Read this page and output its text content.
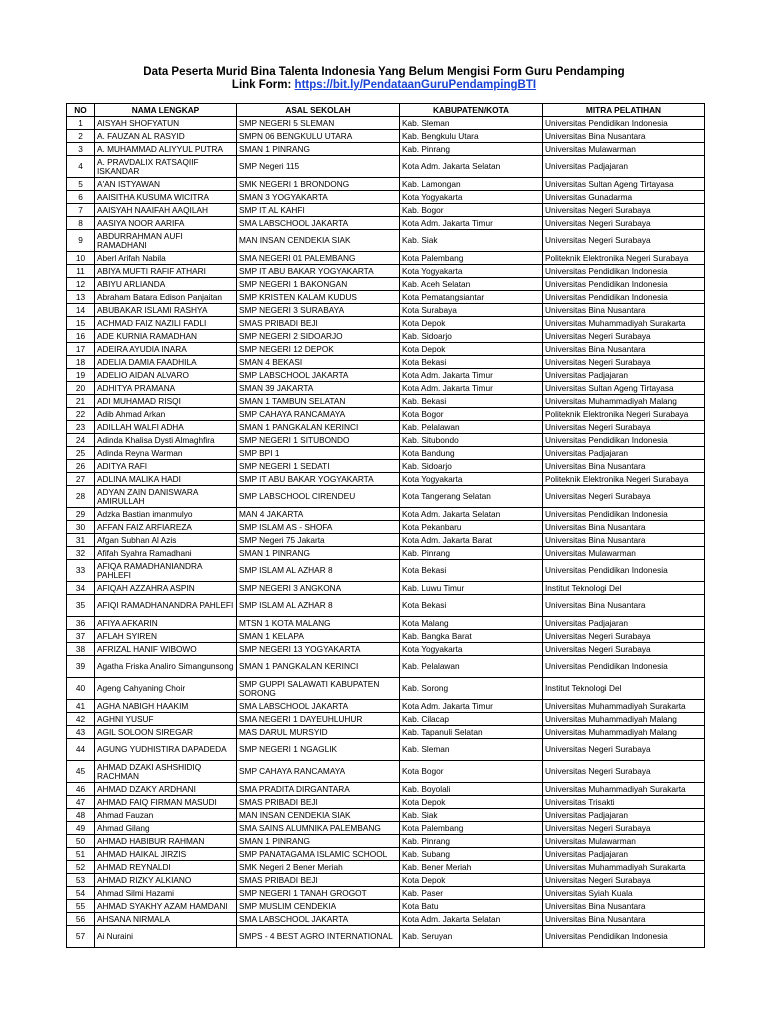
Data Peserta Murid Bina Talenta Indonesia Yang Belum Mengisi Form Guru Pendamping
Link Form: https://bit.ly/PendataanGuruPendampingBTI
NO	NAMA LENGKAP	ASAL SEKOLAH	KABUPATEN/KOTA	MITRA PELATIHAN
1	AISYAH SHOFYATUN	SMP NEGERI 5 SLEMAN	Kab. Sleman	Universitas Pendidikan Indonesia
2	A. FAUZAN AL RASYID	SMPN 06 BENGKULU UTARA	Kab. Bengkulu Utara	Universitas Bina Nusantara
3	A. MUHAMMAD ALIYYUL PUTRA	SMAN 1 PINRANG	Kab. Pinrang	Universitas Mulawarman
4	A. PRAVDALIX RATSAQIIF ISKANDAR	SMP Negeri 115	Kota Adm. Jakarta Selatan	Universitas Padjajaran
5	A'AN ISTYAWAN	SMK NEGERI 1 BRONDONG	Kab. Lamongan	Universitas Sultan Ageng Tirtayasa
6	AAISITHA KUSUMA WICITRA	SMAN 3 YOGYAKARTA	Kota Yogyakarta	Universitas Gunadarma
7	AAISYAH NAAIFAH AAQILAH	SMP IT AL KAHFI	Kab. Bogor	Universitas Negeri Surabaya
8	AASIYA NOOR AARIFA	SMA LABSCHOOL JAKARTA	Kota Adm. Jakarta Timur	Universitas Negeri Surabaya
9	ABDURRAHMAN AUFI RAMADHANI	MAN INSAN CENDEKIA SIAK	Kab. Siak	Universitas Negeri Surabaya
10	Aberl Arifah Nabila	SMA NEGERI 01 PALEMBANG	Kota Palembang	Politeknik Elektronika Negeri Surabaya
11	ABIYA MUFTI RAFIF ATHARI	SMP IT ABU BAKAR YOGYAKARTA	Kota Yogyakarta	Universitas Pendidikan Indonesia
12	ABIYU ARLIANDA	SMP NEGERI 1 BAKONGAN	Kab. Aceh Selatan	Universitas Pendidikan Indonesia
13	Abraham Batara Edison Panjaitan	SMP KRISTEN KALAM KUDUS	Kota Pematangsiantar	Universitas Pendidikan Indonesia
14	ABUBAKAR ISLAMI RASHYA	SMP NEGERI 3 SURABAYA	Kota Surabaya	Universitas Bina Nusantara
15	ACHMAD FAIZ NAZILI FADLI	SMAS PRIBADI BEJI	Kota Depok	Universitas Muhammadiyah Surakarta
16	ADE KURNIA RAMADHAN	SMP NEGERI 2 SIDOARJO	Kab. Sidoarjo	Universitas Negeri Surabaya
17	ADEIRA AYUDIA INARA	SMP NEGERI 12 DEPOK	Kota Depok	Universitas Bina Nusantara
18	ADELIA DAMIA FAADHILA	SMAN 4 BEKASI	Kota Bekasi	Universitas Negeri Surabaya
19	ADELIO AIDAN ALVARO	SMP LABSCHOOL JAKARTA	Kota Adm. Jakarta Timur	Universitas Padjajaran
20	ADHITYA PRAMANA	SMAN 39 JAKARTA	Kota Adm. Jakarta Timur	Universitas Sultan Ageng Tirtayasa
21	ADI MUHAMAD RISQI	SMAN 1 TAMBUN SELATAN	Kab. Bekasi	Universitas Muhammadiyah Malang
22	Adib Ahmad Arkan	SMP CAHAYA RANCAMAYA	Kota Bogor	Politeknik Elektronika Negeri Surabaya
23	ADILLAH WALFI ADHA	SMAN 1 PANGKALAN KERINCI	Kab. Pelalawan	Universitas Negeri Surabaya
24	Adinda Khalisa Dysti Almaghfira	SMP NEGERI 1 SITUBONDO	Kab. Situbondo	Universitas Pendidikan Indonesia
25	Adinda Reyna Warman	SMP BPI 1	Kota Bandung	Universitas Padjajaran
26	ADITYA RAFI	SMP NEGERI 1 SEDATI	Kab. Sidoarjo	Universitas Bina Nusantara
27	ADLINA MALIKA HADI	SMP IT ABU BAKAR YOGYAKARTA	Kota Yogyakarta	Politeknik Elektronika Negeri Surabaya
28	ADYAN ZAIN DANISWARA AMIRULLAH	SMP LABSCHOOL CIRENDEU	Kota Tangerang Selatan	Universitas Negeri Surabaya
29	Adzka Bastian imanmulyo	MAN 4 JAKARTA	Kota Adm. Jakarta Selatan	Universitas Pendidikan Indonesia
30	AFFAN FAIZ ARFIAREZA	SMP ISLAM AS - SHOFA	Kota Pekanbaru	Universitas Bina Nusantara
31	Afgan Subhan Al Azis	SMP Negeri 75 Jakarta	Kota Adm. Jakarta Barat	Universitas Bina Nusantara
32	Afifah Syahra Ramadhani	SMAN 1 PINRANG	Kab. Pinrang	Universitas Mulawarman
33	AFIQA RAMADHANIANDRA PAHLEFI	SMP ISLAM AL AZHAR 8	Kota Bekasi	Universitas Pendidikan Indonesia
34	AFIQAH AZZAHRA ASPIN	SMP NEGERI 3 ANGKONA	Kab. Luwu Timur	Institut Teknologi Del
35	AFIQI RAMADHANANDRA PAHLEFI	SMP ISLAM AL AZHAR 8	Kota Bekasi	Universitas Bina Nusantara
36	AFIYA AFKARIN	MTSN 1 KOTA MALANG	Kota Malang	Universitas Padjajaran
37	AFLAH SYIREN	SMAN 1 KELAPA	Kab. Bangka Barat	Universitas Negeri Surabaya
38	AFRIZAL HANIF WIBOWO	SMP NEGERI 13 YOGYAKARTA	Kota Yogyakarta	Universitas Negeri Surabaya
39	Agatha Friska Analiro Simangunsong	SMAN 1 PANGKALAN KERINCI	Kab. Pelalawan	Universitas Pendidikan Indonesia
40	Ageng Cahyaning Choir	SMP GUPPI SALAWATI KABUPATEN SORONG	Kab. Sorong	Institut Teknologi Del
41	AGHA NABIGH HAAKIM	SMA LABSCHOOL JAKARTA	Kota Adm. Jakarta Timur	Universitas Muhammadiyah Surakarta
42	AGHNI YUSUF	SMA NEGERI 1 DAYEUHLUHUR	Kab. Cilacap	Universitas Muhammadiyah Malang
43	AGIL SOLOON SIREGAR	MAS DARUL MURSYID	Kab. Tapanuli Selatan	Universitas Muhammadiyah Malang
44	AGUNG YUDHISTIRA DAPADEDA	SMP NEGERI 1 NGAGLIK	Kab. Sleman	Universitas Negeri Surabaya
45	AHMAD DZAKI ASHSHIDIQ RACHMAN	SMP CAHAYA RANCAMAYA	Kota Bogor	Universitas Negeri Surabaya
46	AHMAD DZAKY ARDHANI	SMA PRADITA DIRGANTARA	Kab. Boyolali	Universitas Muhammadiyah Surakarta
47	AHMAD FAIQ FIRMAN MASUDI	SMAS PRIBADI BEJI	Kota Depok	Universitas Trisakti
48	Ahmad Fauzan	MAN INSAN CENDEKIA SIAK	Kab. Siak	Universitas Padjajaran
49	Ahmad Gilang	SMA SAINS ALUMNIKA PALEMBANG	Kota Palembang	Universitas Negeri Surabaya
50	AHMAD HABIBUR RAHMAN	SMAN 1 PINRANG	Kab. Pinrang	Universitas Mulawarman
51	AHMAD HAIKAL JIRZIS	SMP PANATAGAMA ISLAMIC SCHOOL	Kab. Subang	Universitas Padjajaran
52	AHMAD REYNALDI	SMK Negeri 2 Bener Meriah	Kab. Bener Meriah	Universitas Muhammadiyah Surakarta
53	AHMAD RIZKY ALKIANO	SMAS PRIBADI BEJI	Kota Depok	Universitas Negeri Surabaya
54	Ahmad Silmi Hazami	SMP NEGERI 1 TANAH GROGOT	Kab. Paser	Universitas Syiah Kuala
55	AHMAD SYAKHY AZAM HAMDANI	SMP MUSLIM CENDEKIA	Kota Batu	Universitas Bina Nusantara
56	AHSANA NIRMALA	SMA LABSCHOOL JAKARTA	Kota Adm. Jakarta Selatan	Universitas Bina Nusantara
57	Ai Nuraini	SMPS - 4 BEST AGRO INTERNATIONAL	Kab. Seruyan	Universitas Pendidikan Indonesia
